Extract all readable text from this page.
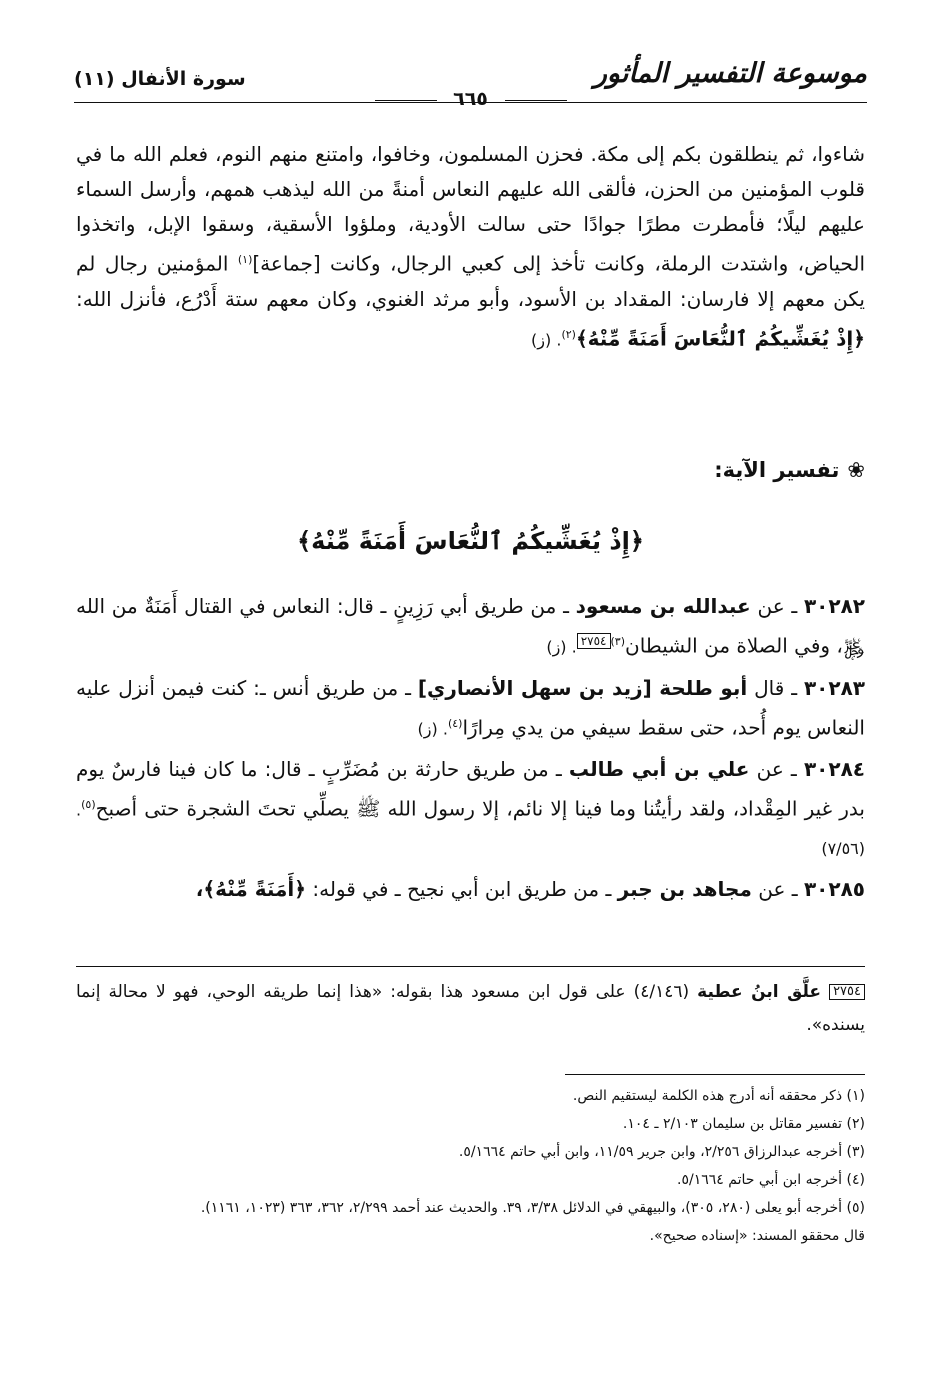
موسوعة التفسير المأثور
سورة الأنفال (١١)
٦٦٥

شاءوا، ثم ينطلقون بكم إلى مكة. فحزن المسلمون، وخافوا، وامتنع منهم النوم، فعلم الله ما في قلوب المؤمنين من الحزن، فألقى الله عليهم النعاس أمنةً من الله ليذهب همهم، وأرسل السماء عليهم ليلًا؛ فأمطرت مطرًا جوادًا حتى سالت الأودية، وملؤوا الأسقية، وسقوا الإبل، واتخذوا الحياض، واشتدت الرملة، وكانت تأخذ إلى كعبي الرجال، وكانت [جماعة]$^{(١)}$ المؤمنين رجال لم يكن معهم إلا فارسان: المقداد بن الأسود، وأبو مرثد الغنوي، وكان معهم ستة أَدْرُع، فأنزل الله: ﴿إِذْ يُغَشِّيكُمُ ٱلنُّعَاسَ أَمَنَةً مِّنْهُ﴾$^{(٢)}$. (ز)

❀تفسير الآية:
﴿إِذْ يُغَشِّيكُمُ ٱلنُّعَاسَ أَمَنَةً مِّنْهُ﴾

٣٠٢٨٢ ـ عن عبدالله بن مسعود ـ من طريق أبي رَزِينٍ ـ قال: النعاس في القتال أَمَنَةٌ من الله ﷿، وفي الصلاة من الشيطان$^{(٣)}$٢٧٥٤. (ز)

٣٠٢٨٣ ـ قال أبو طلحة [زيد بن سهل الأنصاري] ـ من طريق أنس ـ: كنت فيمن أنزل عليه النعاس يوم أُحد، حتى سقط سيفي من يدي مِرارًا$^{(٤)}$. (ز)

٣٠٢٨٤ ـ عن علي بن أبي طالب ـ من طريق حارثة بن مُضَرِّبٍ ـ قال: ما كان فينا فارسٌ يوم بدر غير المِقْداد، ولقد رأيتُنا وما فينا إلا نائم، إلا رسول الله ﷺ يصلِّي تحتَ الشجرة حتى أصبح$^{(٥)}$. (٧/٥٦)

٣٠٢٨٥ ـ عن مجاهد بن جبر ـ من طريق ابن أبي نجيح ـ في قوله: ﴿أَمَنَةً مِّنْهُ﴾،

٢٧٥٤ علَّق ابنُ عطية (٤/١٤٦) على قول ابن مسعود هذا بقوله: «هذا إنما طريقه الوحي، فهو لا محالة إنما يسنده».

(١) ذكر محققه أنه أدرج هذه الكلمة ليستقيم النص.

(٢) تفسير مقاتل بن سليمان ٢/١٠٣ ـ ١٠٤.

(٣) أخرجه عبدالرزاق ٢/٢٥٦، وابن جرير ١١/٥٩، وابن أبي حاتم ٥/١٦٦٤.

(٤) أخرجه ابن أبي حاتم ٥/١٦٦٤.

(٥) أخرجه أبو يعلى (٢٨٠، ٣٠٥)، والبيهقي في الدلائل ٣/٣٨، ٣٩. والحديث عند أحمد ٢/٢٩٩، ٣٦٢، ٣٦٣ (١٠٢٣، ١١٦١).

قال محققو المسند: «إسناده صحيح».
